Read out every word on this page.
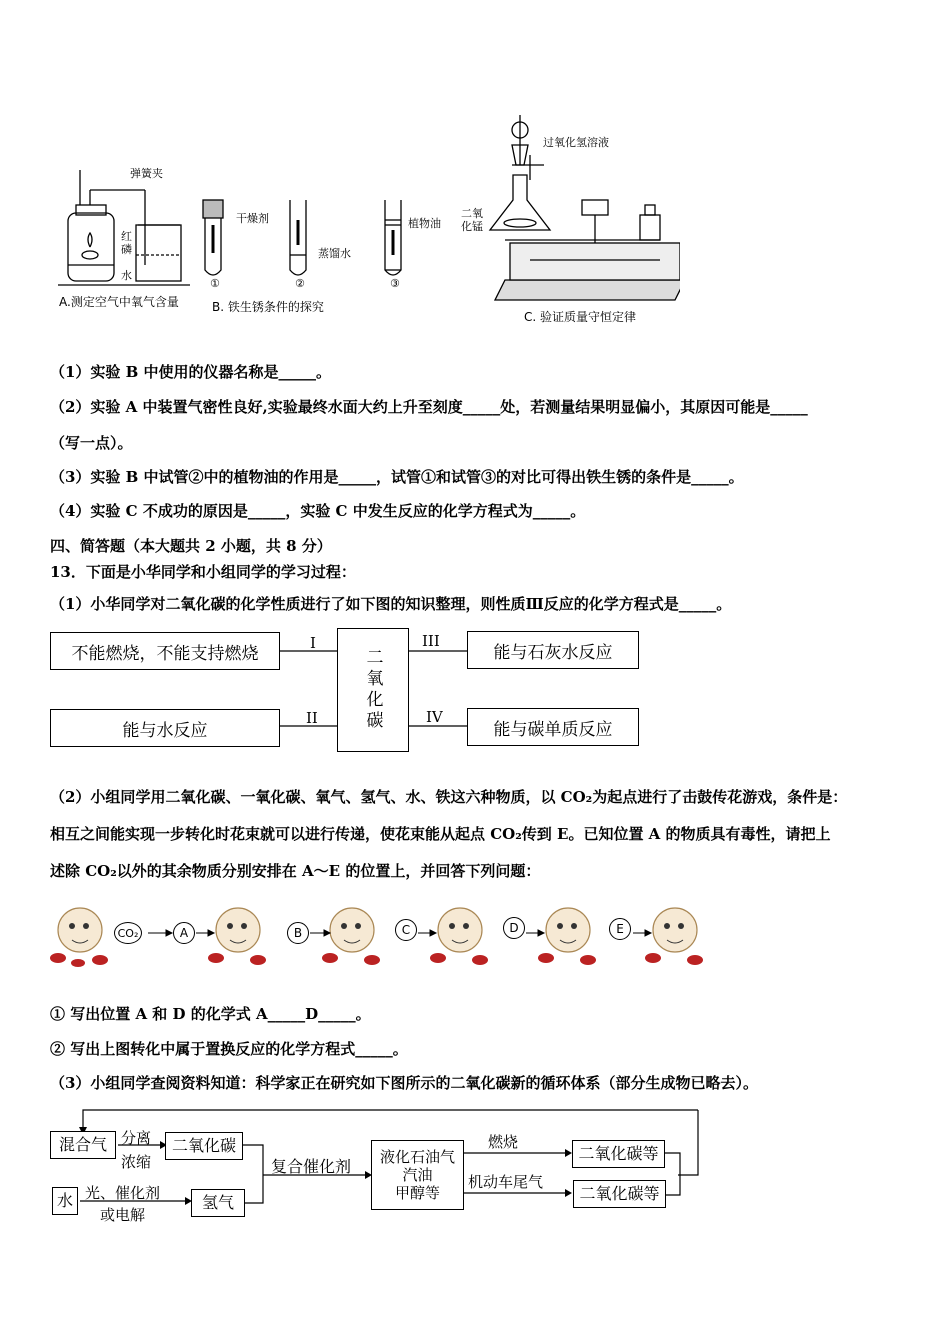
弹簧夹
红磷
水
A.测定空气中氧气含量
干燥剂	植物油
蒸馏水
①	②	③
B. 铁生锈条件的探究
过氧化氢溶液
二氧化锰
C. 验证质量守恒定律
（1）实验 B 中使用的仪器名称是_____。
（2）实验 A 中装置气密性良好,实验最终水面大约上升至刻度_____处，若测量结果明显偏小，其原因可能是_____
（写一点）。
（3）实验 B 中试管②中的植物油的作用是_____，试管①和试管③的对比可得出铁生锈的条件是_____。
（4）实验 C 不成功的原因是_____，实验 C 中发生反应的化学方程式为_____。
四、简答题（本大题共 2 小题，共 8 分）
13．下面是小华同学和小组同学的学习过程：
（1）小华同学对二氧化碳的化学性质进行了如下图的知识整理，则性质Ⅲ反应的化学方程式是_____。
不能燃烧，不能支持燃烧
能与水反应	二氧化碳	能与石灰水反应
能与碳单质反应
I
II
III
IV
（2）小组同学用二氧化碳、一氧化碳、氧气、氢气、水、铁这六种物质，以 CO₂为起点进行了击鼓传花游戏，条件是：
相互之间能实现一步转化时花束就可以进行传递，使花束能从起点 CO₂传到 E。已知位置 A 的物质具有毒性，请把上
述除 CO₂以外的其余物质分别安排在 A～E 的位置上，并回答下列问题：
CO₂	A	B	C	D	E
① 写出位置 A 和 D 的化学式 A_____D_____。
② 写出上图转化中属于置换反应的化学方程式_____。
（3）小组同学查阅资料知道：科学家正在研究如下图所示的二氧化碳新的循环体系（部分生成物已略去）。
混合气 分离
浓缩
二氧化碳
水 光、催化剂
或电解
氢气
复合催化剂 液化石油气
汽油
甲醇等
燃烧
机动车尾气
二氧化碳等
二氧化碳等
